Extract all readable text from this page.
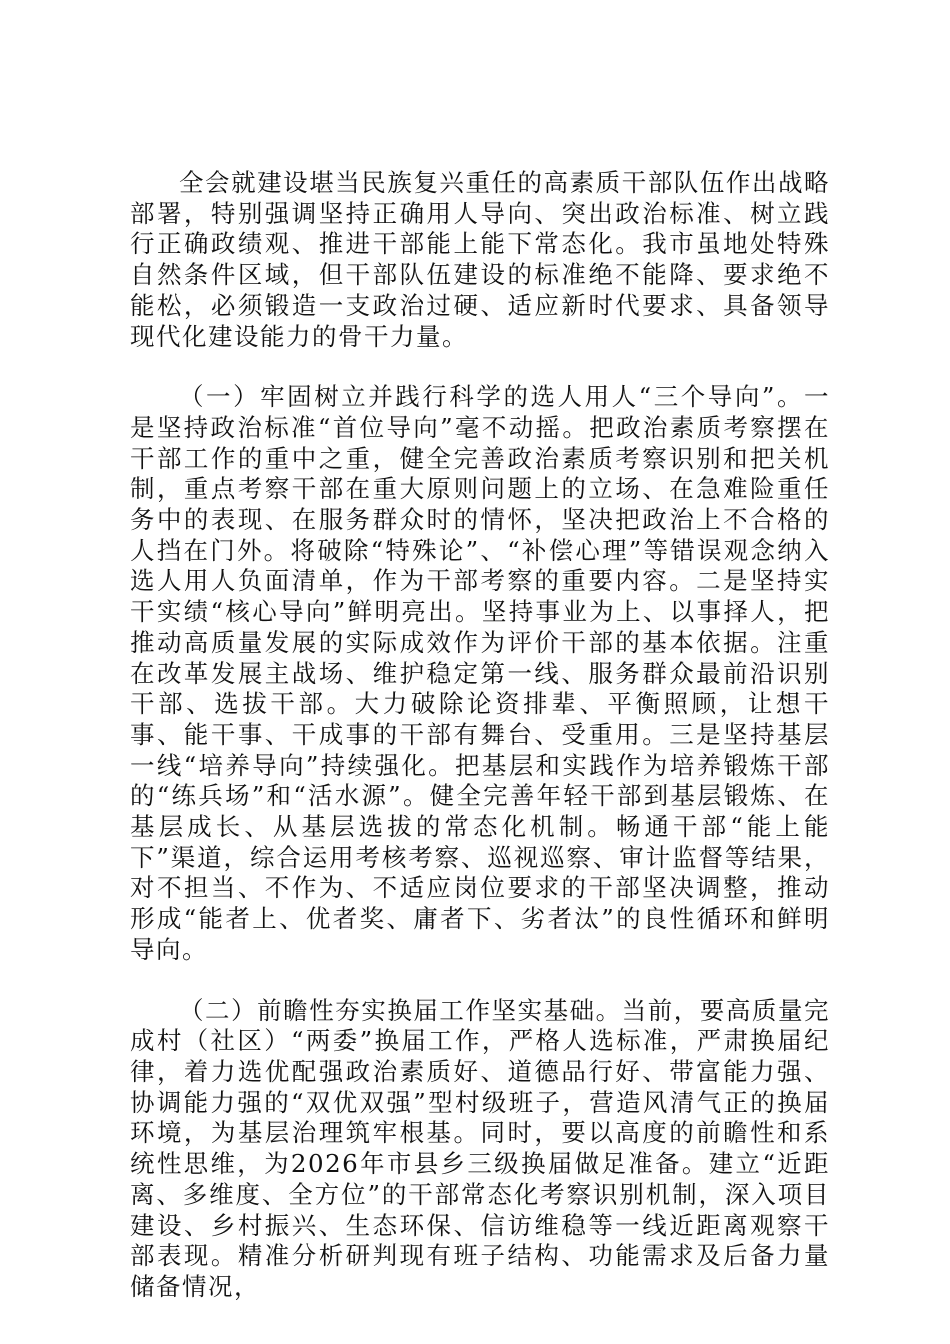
全会就建设堪当民族复兴重任的高素质干部队伍作出战略部署，特别强调坚持正确用人导向、突出政治标准、树立践行正确政绩观、推进干部能上能下常态化。我市虽地处特殊自然条件区域，但干部队伍建设的标准绝不能降、要求绝不能松，必须锻造一支政治过硬、适应新时代要求、具备领导现代化建设能力的骨干力量。

（一）牢固树立并践行科学的选人用人“三个导向”。一是坚持政治标准“首位导向”毫不动摇。把政治素质考察摆在干部工作的重中之重，健全完善政治素质考察识别和把关机制，重点考察干部在重大原则问题上的立场、在急难险重任务中的表现、在服务群众时的情怀，坚决把政治上不合格的人挡在门外。将破除“特殊论”、“补偿心理”等错误观念纳入选人用人负面清单，作为干部考察的重要内容。二是坚持实干实绩“核心导向”鲜明亮出。坚持事业为上、以事择人，把推动高质量发展的实际成效作为评价干部的基本依据。注重在改革发展主战场、维护稳定第一线、服务群众最前沿识别干部、选拔干部。大力破除论资排辈、平衡照顾，让想干事、能干事、干成事的干部有舞台、受重用。三是坚持基层一线“培养导向”持续强化。把基层和实践作为培养锻炼干部的“练兵场”和“活水源”。健全完善年轻干部到基层锻炼、在基层成长、从基层选拔的常态化机制。畅通干部“能上能下”渠道，综合运用考核考察、巡视巡察、审计监督等结果，对不担当、不作为、不适应岗位要求的干部坚决调整，推动形成“能者上、优者奖、庸者下、劣者汰”的良性循环和鲜明导向。

（二）前瞻性夯实换届工作坚实基础。当前，要高质量完成村（社区）“两委”换届工作，严格人选标准，严肃换届纪律，着力选优配强政治素质好、道德品行好、带富能力强、协调能力强的“双优双强”型村级班子，营造风清气正的换届环境，为基层治理筑牢根基。同时，要以高度的前瞻性和系统性思维，为2026年市县乡三级换届做足准备。建立“近距离、多维度、全方位”的干部常态化考察识别机制，深入项目建设、乡村振兴、生态环保、信访维稳等一线近距离观察干部表现。精准分析研判现有班子结构、功能需求及后备力量储备情况，
